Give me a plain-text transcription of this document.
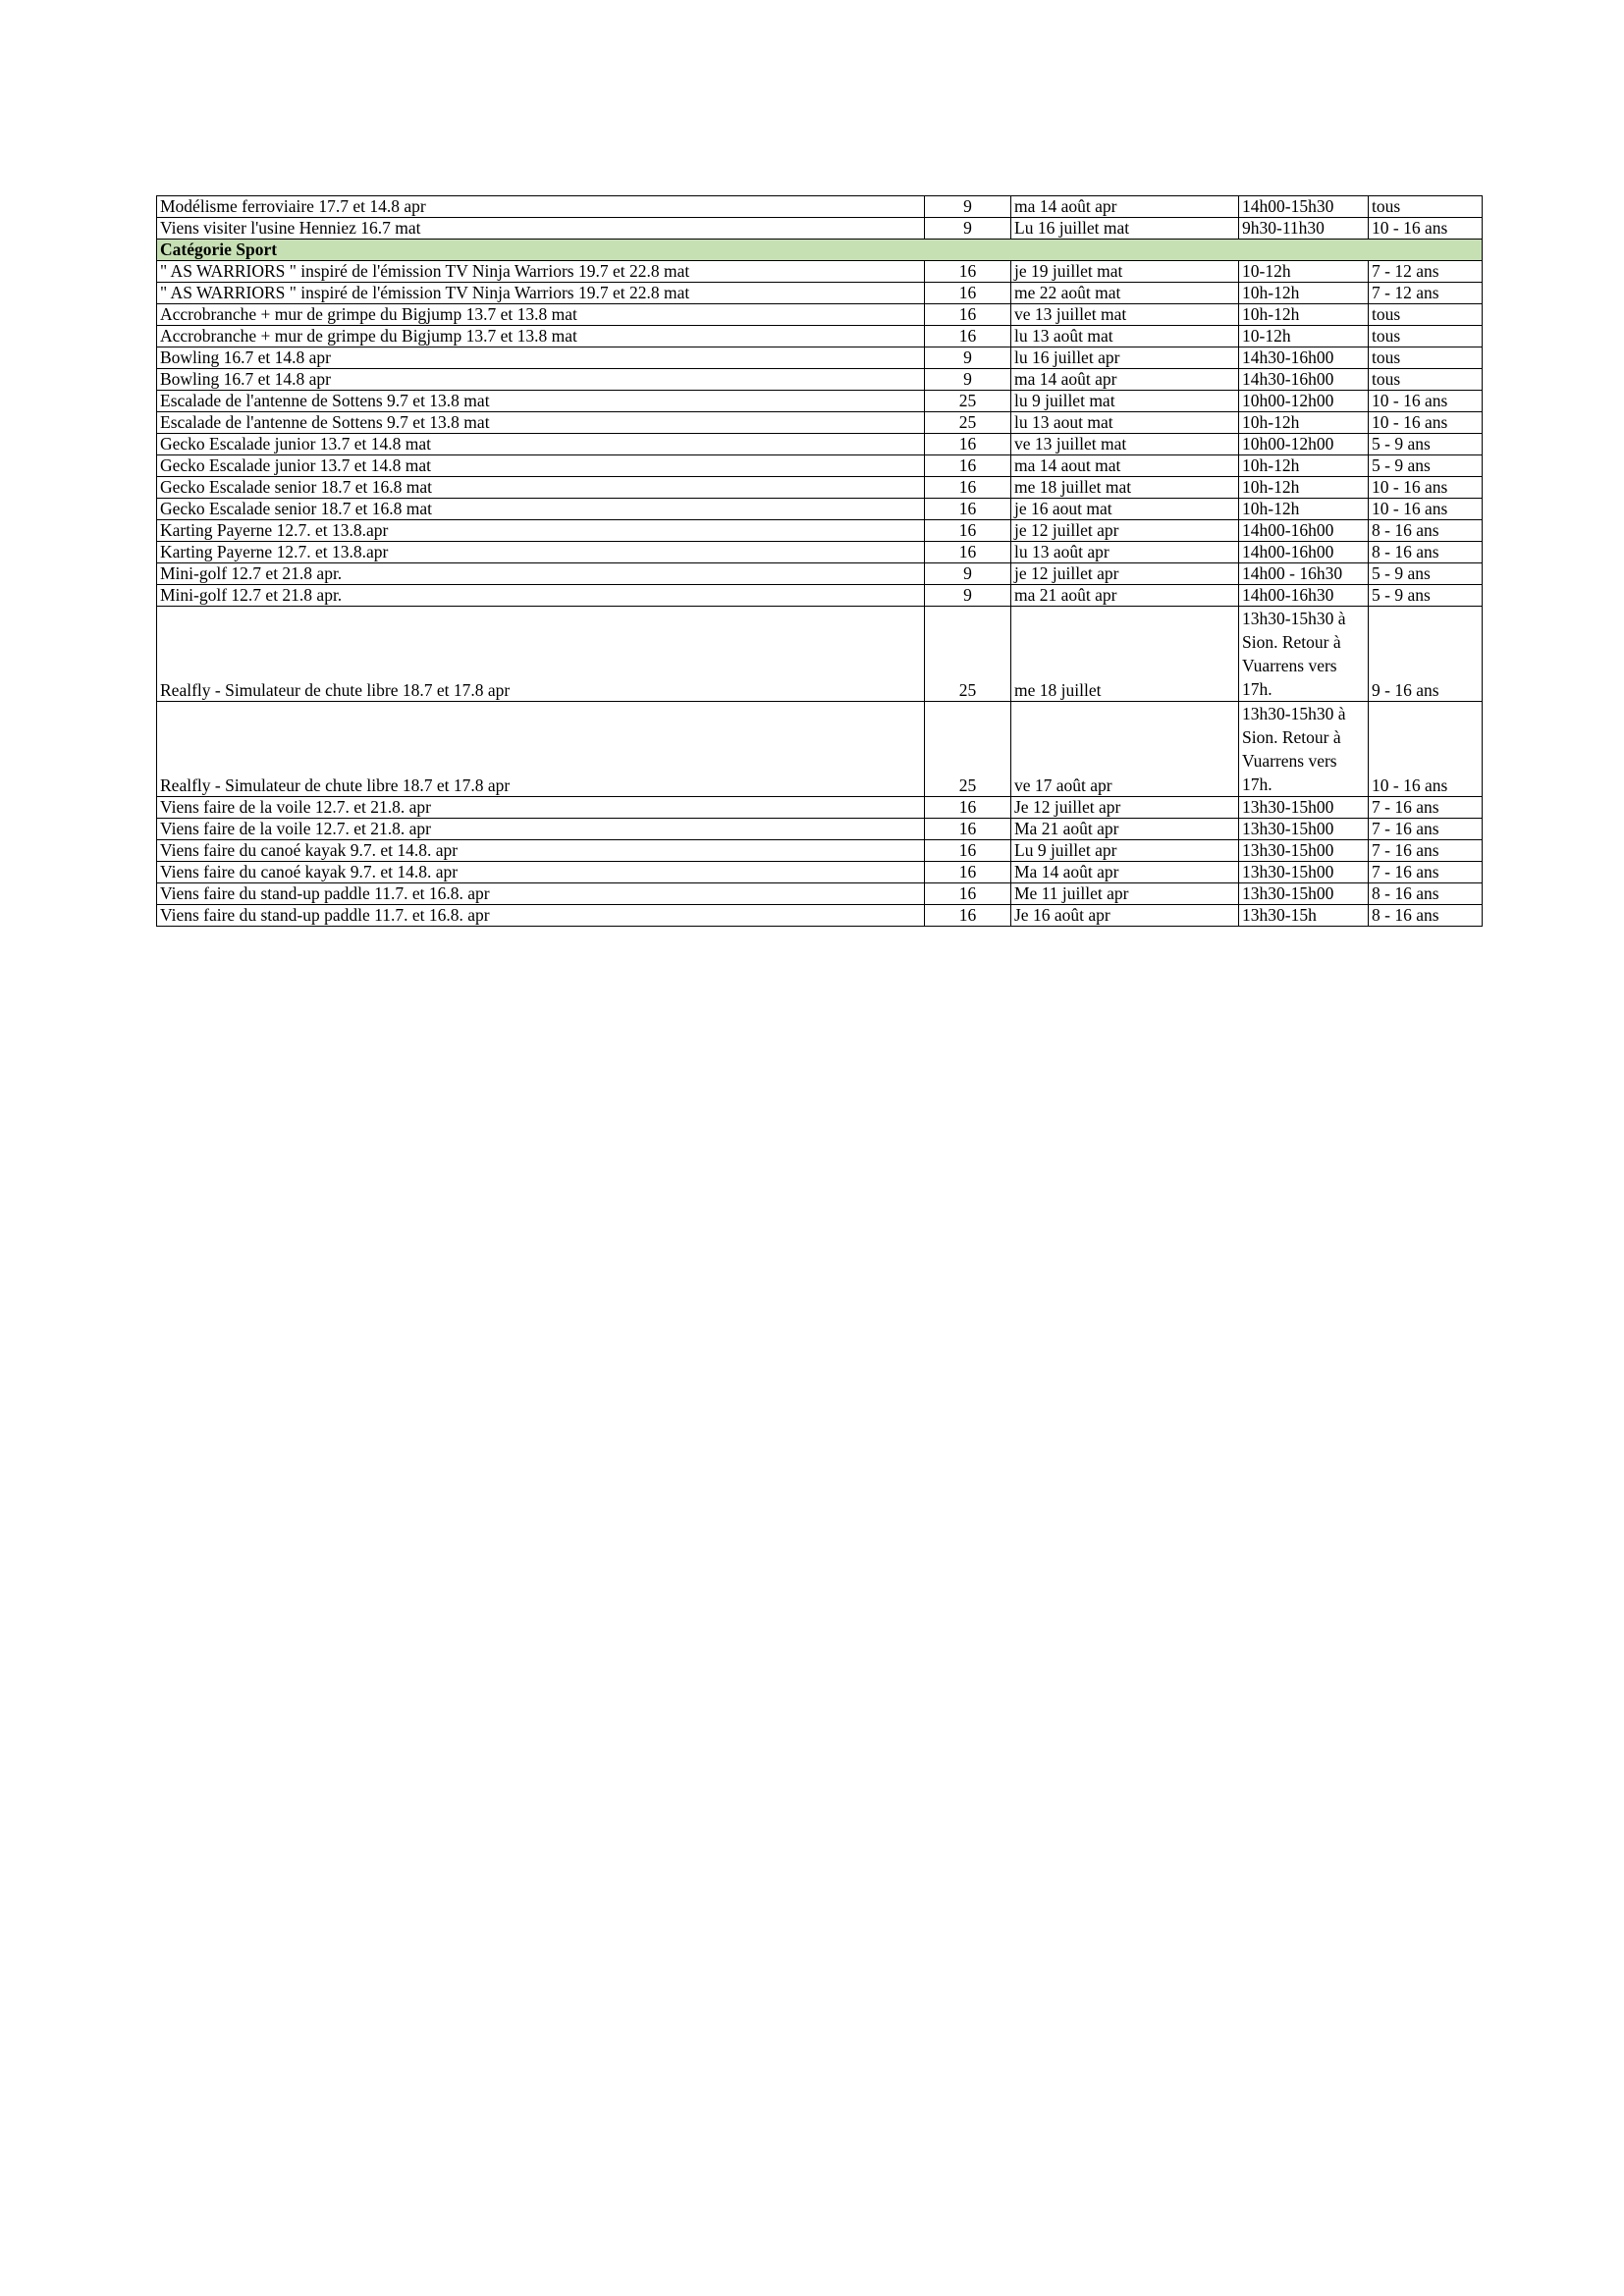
Modélisme ferroviaire 17.7 et 14.8 apr	9	ma 14 août apr	14h00-15h30	tous
Viens visiter l'usine Henniez 16.7 mat	9	Lu 16 juillet mat	9h30-11h30	10 - 16 ans
Catégorie Sport				
" AS WARRIORS " inspiré de l'émission TV Ninja Warriors 19.7 et 22.8 mat	16	je 19 juillet mat	10-12h	7 - 12 ans
" AS WARRIORS " inspiré de l'émission TV Ninja Warriors 19.7 et 22.8 mat	16	me 22 août mat	10h-12h	7 - 12 ans
Accrobranche + mur de grimpe du Bigjump 13.7 et 13.8 mat	16	ve 13 juillet mat	10h-12h	tous
Accrobranche + mur de grimpe du Bigjump 13.7 et 13.8 mat	16	lu 13 août mat	10-12h	tous
Bowling 16.7 et 14.8 apr	9	lu 16 juillet apr	14h30-16h00	tous
Bowling 16.7 et 14.8 apr	9	ma 14 août apr	14h30-16h00	tous
Escalade de l'antenne de Sottens 9.7 et 13.8 mat	25	lu 9 juillet mat	10h00-12h00	10 - 16 ans
Escalade de l'antenne de Sottens 9.7 et 13.8 mat	25	lu 13 aout mat	10h-12h	10 - 16 ans
Gecko Escalade junior 13.7 et 14.8 mat	16	ve 13 juillet mat	10h00-12h00	5 - 9 ans
Gecko Escalade junior 13.7 et 14.8 mat	16	ma 14 aout mat	10h-12h	5 - 9 ans
Gecko Escalade senior 18.7 et 16.8 mat	16	me 18 juillet mat	10h-12h	10 - 16 ans
Gecko Escalade senior 18.7 et 16.8 mat	16	je 16 aout mat	10h-12h	10 - 16 ans
Karting Payerne 12.7. et 13.8.apr	16	je 12 juillet apr	14h00-16h00	8 - 16 ans
Karting Payerne 12.7. et 13.8.apr	16	lu 13 août apr	14h00-16h00	8 - 16 ans
Mini-golf 12.7 et 21.8 apr.	9	je 12 juillet apr	14h00 - 16h30	5 - 9 ans
Mini-golf 12.7 et 21.8 apr.	9	ma 21 août apr	14h00-16h30	5 - 9 ans
Realfly - Simulateur de chute libre 18.7 et 17.8 apr	25	me 18 juillet	13h30-15h30 à Sion. Retour à Vuarrens vers 17h.	9 - 16 ans
Realfly - Simulateur de chute libre 18.7 et 17.8 apr	25	ve 17 août apr	13h30-15h30 à Sion. Retour à Vuarrens vers 17h.	10 - 16 ans
Viens faire de la voile 12.7. et 21.8. apr	16	Je 12 juillet apr	13h30-15h00	7 - 16 ans
Viens faire de la voile 12.7. et 21.8. apr	16	Ma 21 août apr	13h30-15h00	7 - 16 ans
Viens faire du canoé kayak 9.7. et 14.8. apr	16	Lu 9 juillet apr	13h30-15h00	7 - 16 ans
Viens faire du canoé kayak 9.7. et 14.8. apr	16	Ma 14 août apr	13h30-15h00	7 - 16 ans
Viens faire du stand-up paddle 11.7. et 16.8. apr	16	Me 11 juillet apr	13h30-15h00	8 - 16 ans
Viens faire du stand-up paddle 11.7. et 16.8. apr	16	Je 16 août apr	13h30-15h	8 - 16 ans
